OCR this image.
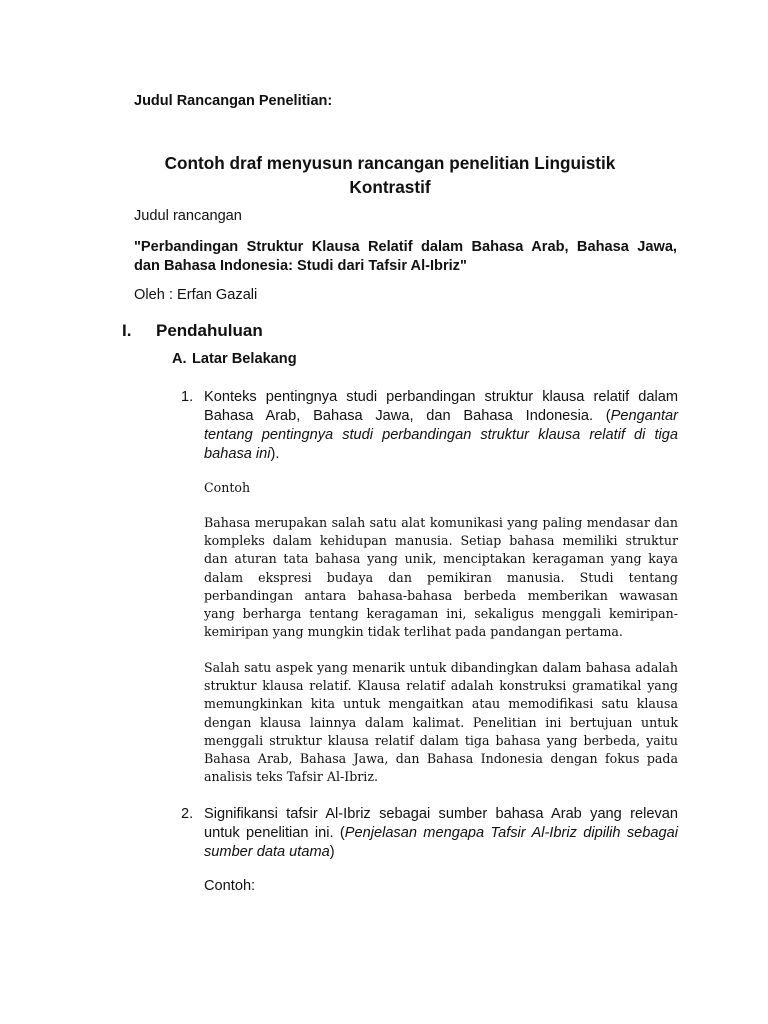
Judul Rancangan Penelitian:
Contoh draf menyusun rancangan penelitian Linguistik
Kontrastif
Judul rancangan
"Perbandingan Struktur Klausa Relatif dalam Bahasa Arab, Bahasa Jawa,
dan Bahasa Indonesia: Studi dari Tafsir Al-Ibriz"
Oleh : Erfan Gazali
I. Pendahuluan
A. Latar Belakang
1. Konteks pentingnya studi perbandingan struktur klausa relatif dalam
Bahasa Arab, Bahasa Jawa, dan Bahasa Indonesia. (Pengantar
tentang pentingnya studi perbandingan struktur klausa relatif di tiga
bahasa ini).
Contoh
Bahasa merupakan salah satu alat komunikasi yang paling mendasar dan
kompleks dalam kehidupan manusia. Setiap bahasa memiliki struktur
dan aturan tata bahasa yang unik, menciptakan keragaman yang kaya
dalam ekspresi budaya dan pemikiran manusia. Studi tentang
perbandingan antara bahasa-bahasa berbeda memberikan wawasan
yang berharga tentang keragaman ini, sekaligus menggali kemiripan-
kemiripan yang mungkin tidak terlihat pada pandangan pertama.
Salah satu aspek yang menarik untuk dibandingkan dalam bahasa adalah
struktur klausa relatif. Klausa relatif adalah konstruksi gramatikal yang
memungkinkan kita untuk mengaitkan atau memodifikasi satu klausa
dengan klausa lainnya dalam kalimat. Penelitian ini bertujuan untuk
menggali struktur klausa relatif dalam tiga bahasa yang berbeda, yaitu
Bahasa Arab, Bahasa Jawa, dan Bahasa Indonesia dengan fokus pada
analisis teks Tafsir Al-Ibriz.
2. Signifikansi tafsir Al-Ibriz sebagai sumber bahasa Arab yang relevan
untuk penelitian ini. (Penjelasan mengapa Tafsir Al-Ibriz dipilih sebagai
sumber data utama)
Contoh:
